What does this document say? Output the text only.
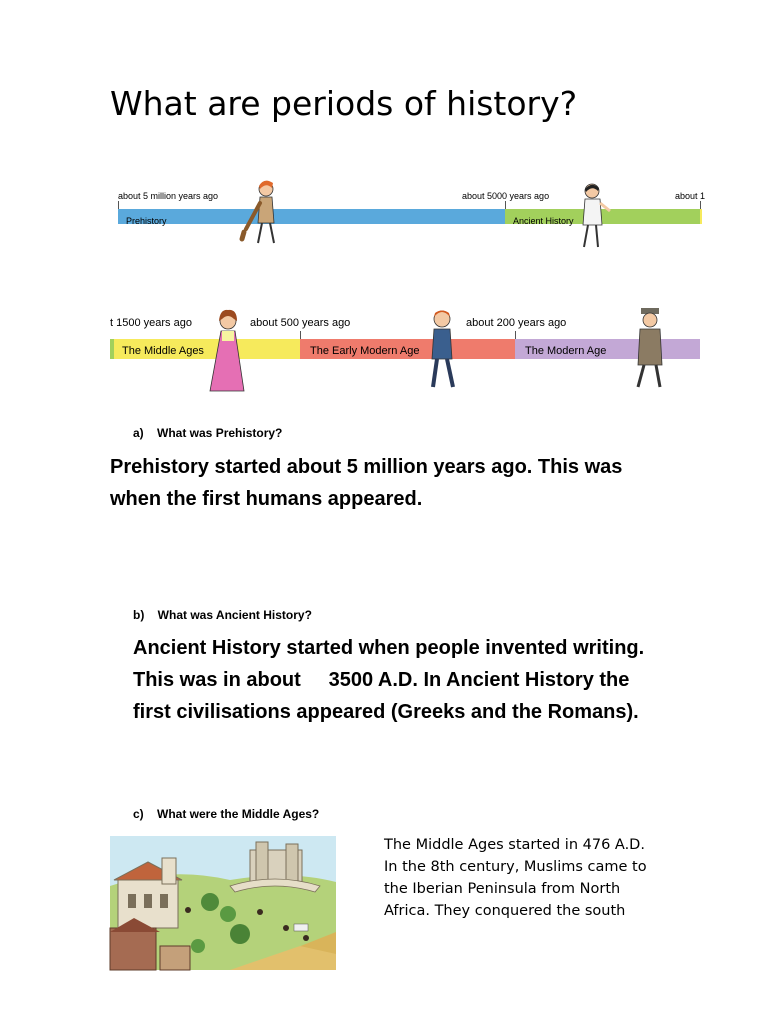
What are periods of history?
about 5 million years ago	about 5000 years ago	about 1
Prehistory	Ancient History
t 1500 years ago	about 500 years ago	about 200 years ago
The Middle Ages	The Early Modern Age	The Modern Age
a) What was Prehistory?
Prehistory started about 5 million years ago. This was when the first humans appeared.
b) What was Ancient History?
Ancient History started when people invented writing.
This was in about     3500 A.D. In Ancient History the
first civilisations appeared (Greeks and the Romans).
c) What were the Middle Ages?
The Middle Ages started in 476 A.D.
In the 8th century, Muslims came to
the Iberian Peninsula from North
Africa. They conquered the south
